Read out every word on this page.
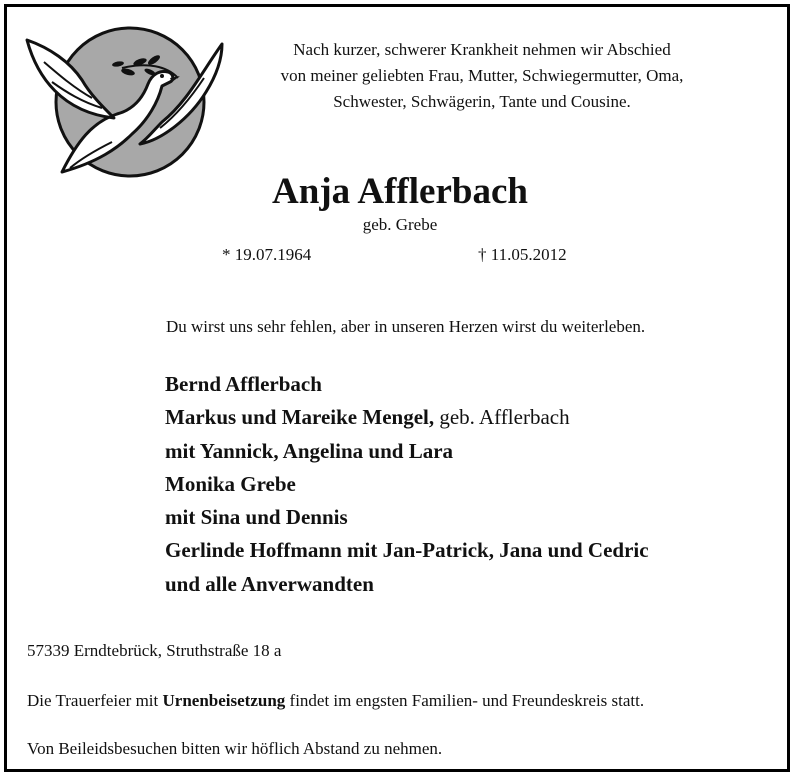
Nach kurzer, schwerer Krankheit nehmen wir Abschied
von meiner geliebten Frau, Mutter, Schwiegermutter, Oma,
Schwester, Schwägerin, Tante und Cousine.
Anja Afflerbach
geb. Grebe
* 19.07.1964	† 11.05.2012
Du wirst uns sehr fehlen, aber in unseren Herzen wirst du weiterleben.
Bernd Afflerbach
Markus und Mareike Mengel, geb. Afflerbach
mit Yannick, Angelina und Lara
Monika Grebe
mit Sina und Dennis
Gerlinde Hoffmann mit Jan-Patrick, Jana und Cedric
und alle Anverwandten
57339 Erndtebrück, Struthstraße 18 a
Die Trauerfeier mit Urnenbeisetzung findet im engsten Familien- und Freundeskreis statt.
Von Beileidsbesuchen bitten wir höflich Abstand zu nehmen.
